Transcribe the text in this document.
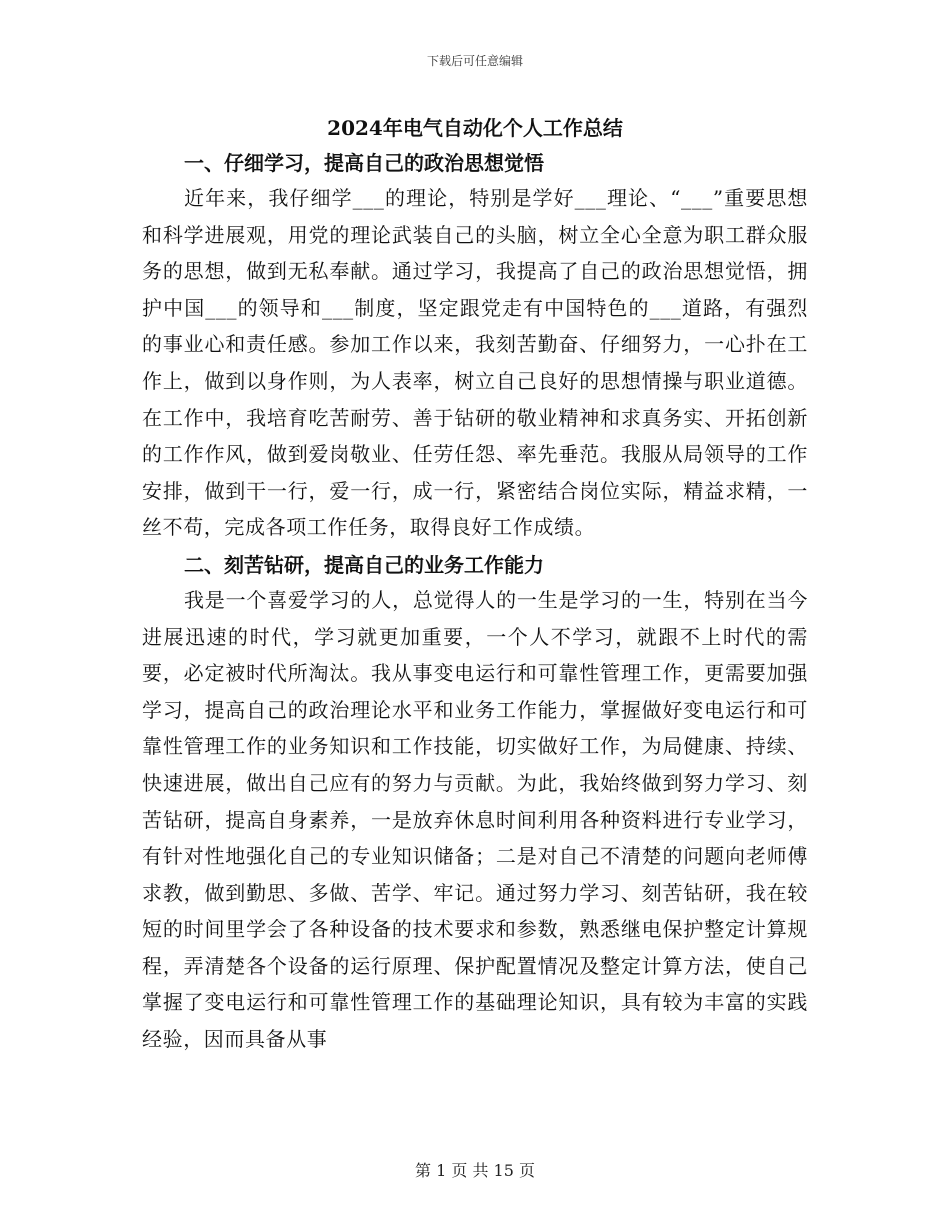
下载后可任意编辑
2024年电气自动化个人工作总结
一、仔细学习，提高自己的政治思想觉悟

近年来，我仔细学___的理论，特别是学好___理论、“___”重要思想和科学进展观，用党的理论武装自己的头脑，树立全心全意为职工群众服务的思想，做到无私奉献。通过学习，我提高了自己的政治思想觉悟，拥护中国___的领导和___制度，坚定跟党走有中国特色的___道路，有强烈的事业心和责任感。参加工作以来，我刻苦勤奋、仔细努力，一心扑在工作上，做到以身作则，为人表率，树立自己良好的思想情操与职业道德。在工作中，我培育吃苦耐劳、善于钻研的敬业精神和求真务实、开拓创新的工作作风，做到爱岗敬业、任劳任怨、率先垂范。我服从局领导的工作安排，做到干一行，爱一行，成一行，紧密结合岗位实际，精益求精，一丝不苟，完成各项工作任务，取得良好工作成绩。

二、刻苦钻研，提高自己的业务工作能力

我是一个喜爱学习的人，总觉得人的一生是学习的一生，特别在当今进展迅速的时代，学习就更加重要，一个人不学习，就跟不上时代的需要，必定被时代所淘汰。我从事变电运行和可靠性管理工作，更需要加强学习，提高自己的政治理论水平和业务工作能力，掌握做好变电运行和可靠性管理工作的业务知识和工作技能，切实做好工作，为局健康、持续、快速进展，做出自己应有的努力与贡献。为此，我始终做到努力学习、刻苦钻研，提高自身素养，一是放弃休息时间利用各种资料进行专业学习，有针对性地强化自己的专业知识储备；二是对自己不清楚的问题向老师傅求教，做到勤思、多做、苦学、牢记。通过努力学习、刻苦钻研，我在较短的时间里学会了各种设备的技术要求和参数，熟悉继电保护整定计算规程，弄清楚各个设备的运行原理、保护配置情况及整定计算方法，使自己掌握了变电运行和可靠性管理工作的基础理论知识，具有较为丰富的实践经验，因而具备从事

第 1 页 共 15 页
